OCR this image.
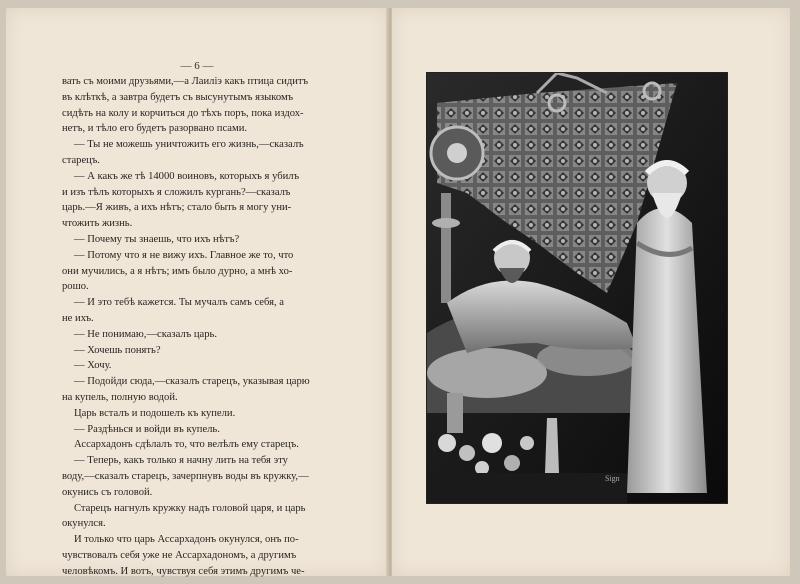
— 6 —
вать съ моими друзьями,—а Лаилiэ какъ птица сидитъ
въ клѣткѣ, а завтра будетъ съ высунутымъ языкомъ
сидѣть на колу и корчиться до тѣхъ поръ, пока издох-
нетъ, и тѣло его будетъ разорвано псами.
— Ты не можешь уничтожить его жизнь,—сказалъ
старецъ.
— А какъ же тѣ 14000 воиновъ, которыхъ я убилъ
и изъ тѣлъ которыхъ я сложилъ кургань?—сказалъ
царь.—Я живъ, а ихъ нѣтъ; стало быть я могу уни-
чтожить жизнь.
— Почему ты знаешь, что ихъ нѣтъ?
— Потому что я не вижу ихъ. Главное же то, что
они мучились, а я нѣтъ; имъ было дурно, а мнѣ хо-
рошо.
— И это тебѣ кажется. Ты мучалъ самъ себя, а
не ихъ.
— Не понимаю,—сказалъ царь.
— Хочешь понять?
— Хочу.
— Подойди сюда,—сказалъ старецъ, указывая царю
на купель, полную водой.
Царь всталъ и подошелъ къ купели.
— Раздѣнься и войди въ купель.
Ассархадонъ сдѣлалъ то, что велѣлъ ему старецъ.
— Теперь, какъ только я начну лить на тебя эту
воду,—сказалъ старецъ, зачерпнувъ воды въ кружку,—
окунись съ головой.
Старецъ нагнулъ кружку надъ головой царя, и царь
окунулся.
И только что царь Ассархадонъ окунулся, онъ по-
чувствовалъ себя уже не Ассархадономъ, а другимъ
человѣкомъ. И вотъ, чувствуя себя этимъ другимъ че-
Sign
